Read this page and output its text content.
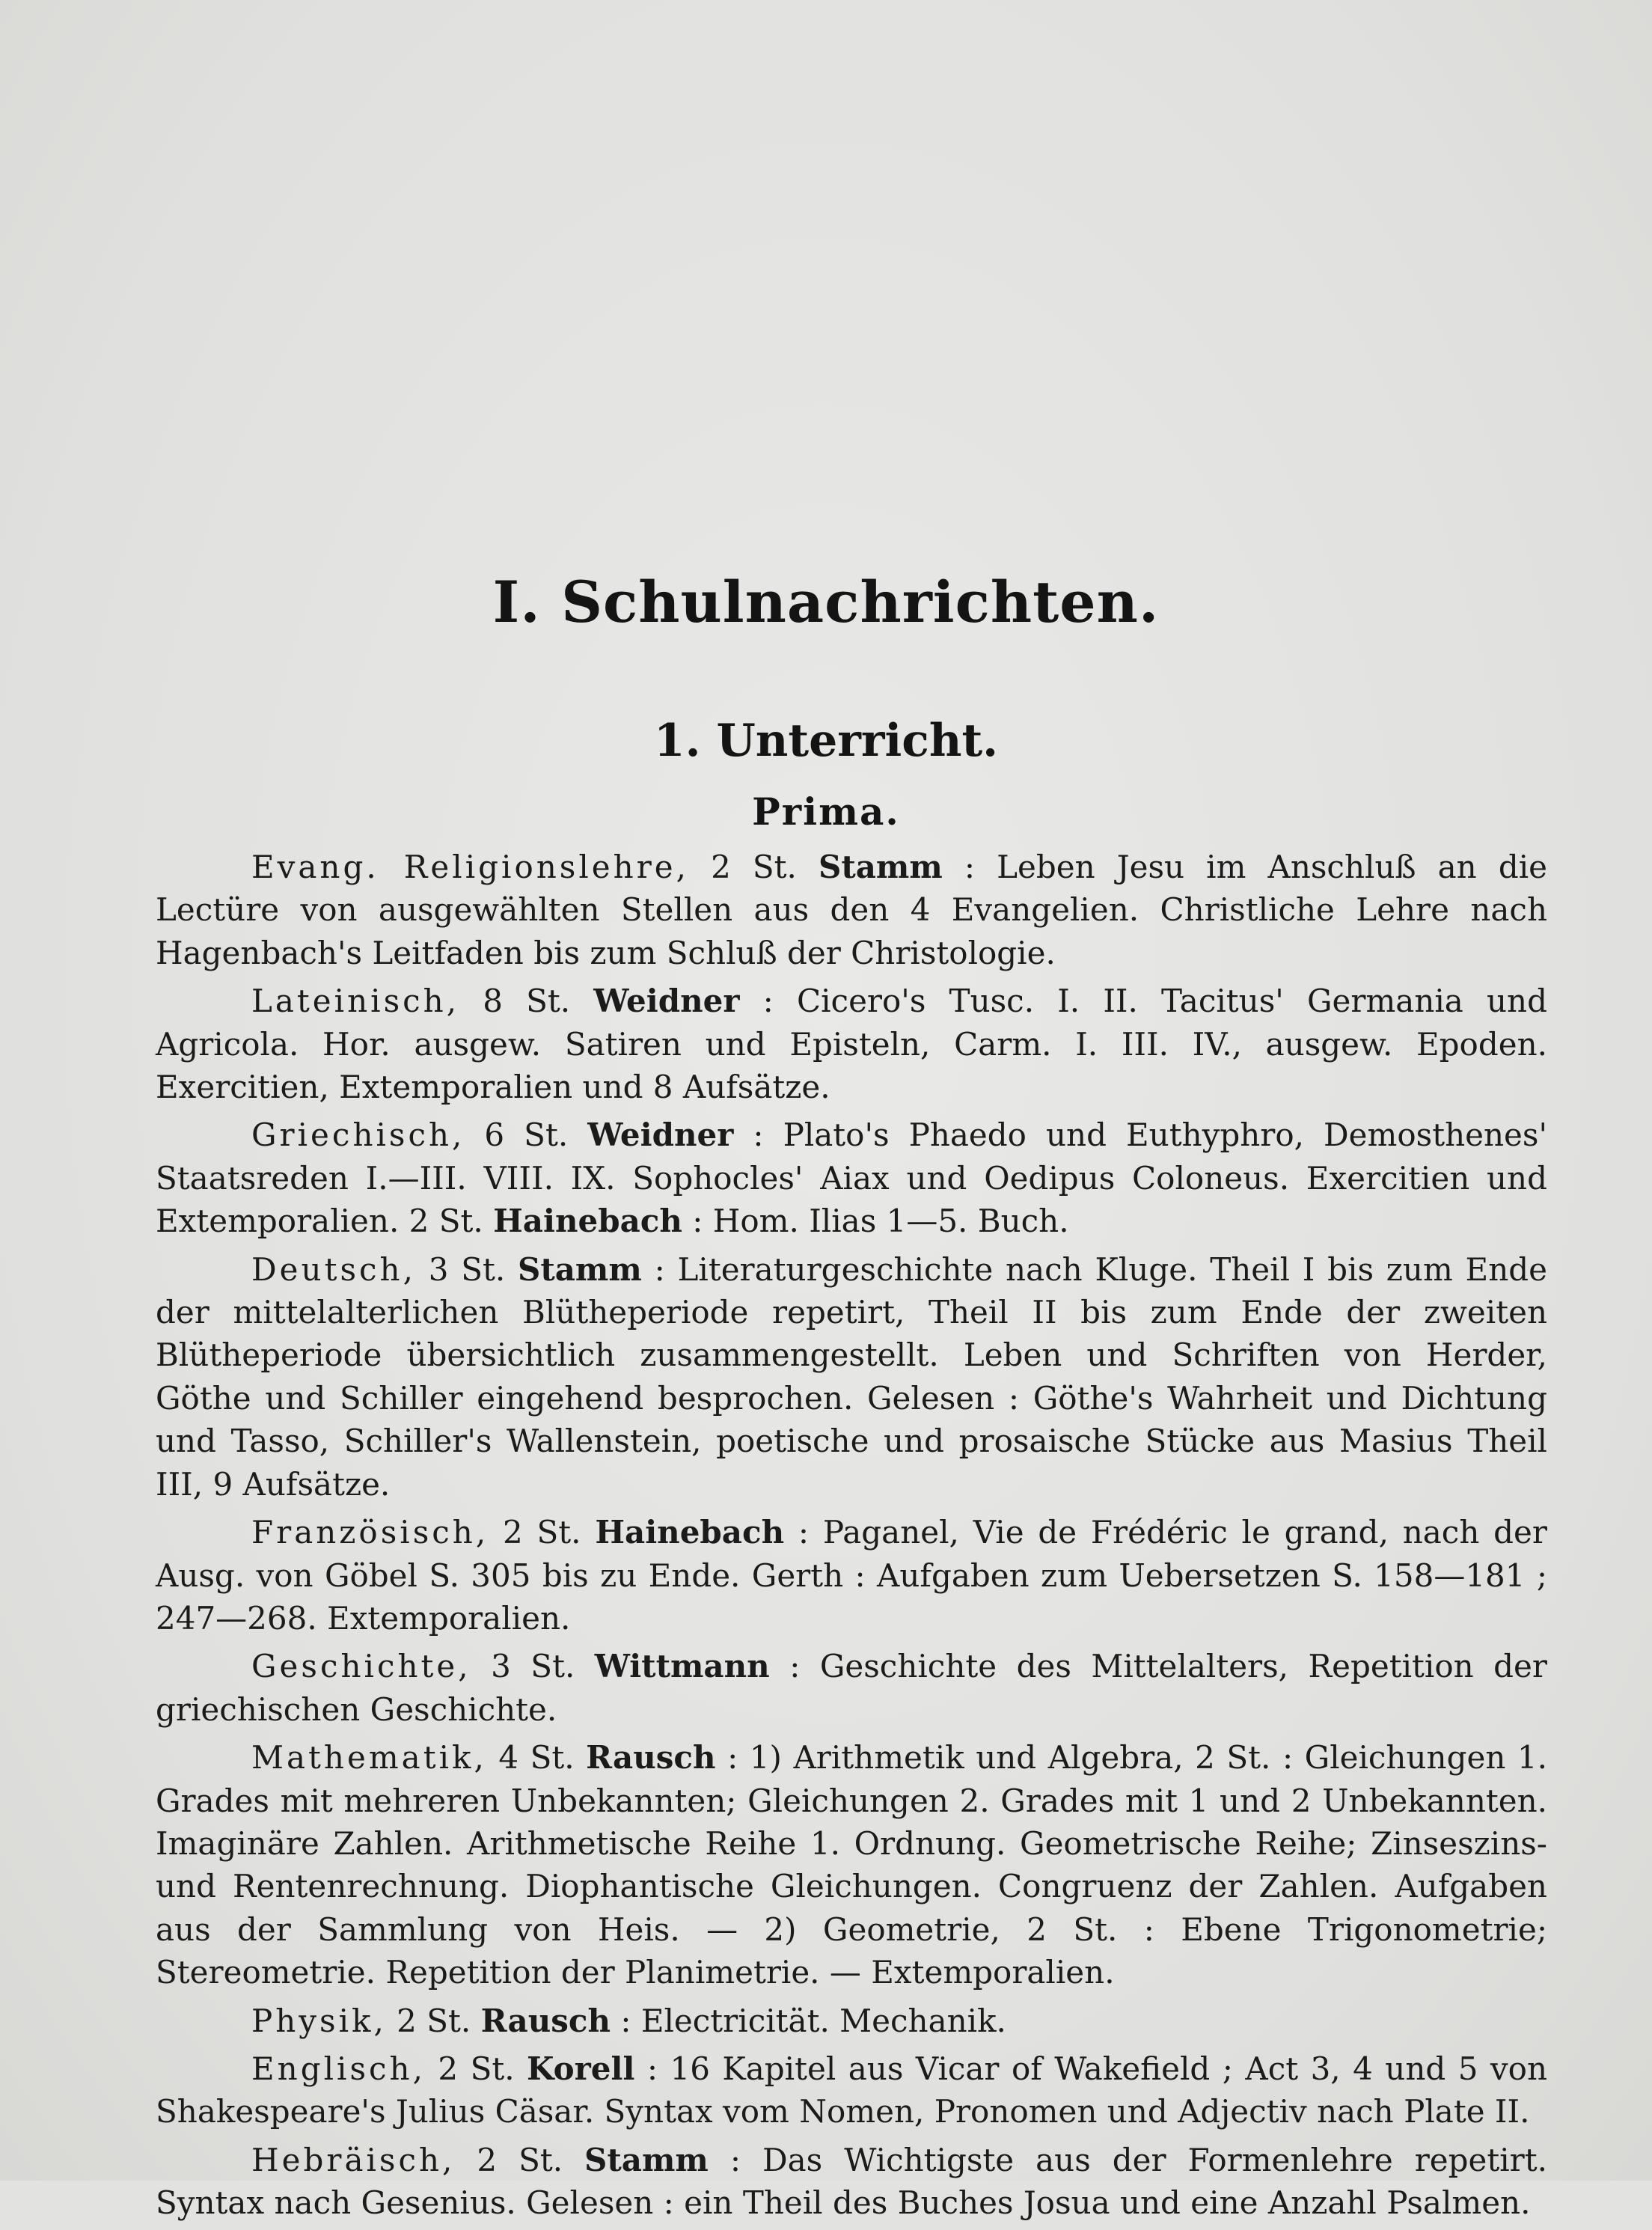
I. Schulnachrichten.
1. Unterricht.
Prima.

Evang. Religionslehre, 2 St. Stamm : Leben Jesu im Anschluß an die Lectüre von ausgewählten Stellen aus den 4 Evangelien. Christliche Lehre nach Hagenbach's Leitfaden bis zum Schluß der Christologie.

Lateinisch, 8 St. Weidner : Cicero's Tusc. I. II. Tacitus' Germania und Agricola. Hor. ausgew. Satiren und Episteln, Carm. I. III. IV., ausgew. Epoden. Exercitien, Extemporalien und 8 Aufsätze.

Griechisch, 6 St. Weidner : Plato's Phaedo und Euthyphro, Demosthenes' Staatsreden I.—III. VIII. IX. Sophocles' Aiax und Oedipus Coloneus. Exercitien und Extemporalien. 2 St. Hainebach : Hom. Ilias 1—5. Buch.

Deutsch, 3 St. Stamm : Literaturgeschichte nach Kluge. Theil I bis zum Ende der mittelalterlichen Blütheperiode repetirt, Theil II bis zum Ende der zweiten Blütheperiode übersichtlich zusammengestellt. Leben und Schriften von Herder, Göthe und Schiller eingehend besprochen. Gelesen : Göthe's Wahrheit und Dichtung und Tasso, Schiller's Wallenstein, poetische und prosaische Stücke aus Masius Theil III, 9 Aufsätze.

Französisch, 2 St. Hainebach : Paganel, Vie de Frédéric le grand, nach der Ausg. von Göbel S. 305 bis zu Ende. Gerth : Aufgaben zum Uebersetzen S. 158—181 ; 247—268. Extemporalien.

Geschichte, 3 St. Wittmann : Geschichte des Mittelalters, Repetition der griechischen Geschichte.

Mathematik, 4 St. Rausch : 1) Arithmetik und Algebra, 2 St. : Gleichungen 1. Grades mit mehreren Unbekannten; Gleichungen 2. Grades mit 1 und 2 Unbekannten. Imaginäre Zahlen. Arithmetische Reihe 1. Ordnung. Geometrische Reihe; Zinseszins- und Rentenrechnung. Diophantische Gleichungen. Congruenz der Zahlen. Aufgaben aus der Sammlung von Heis. — 2) Geometrie, 2 St. : Ebene Trigonometrie; Stereometrie. Repetition der Planimetrie. — Extemporalien.

Physik, 2 St. Rausch : Electricität. Mechanik.

Englisch, 2 St. Korell : 16 Kapitel aus Vicar of Wakefield ; Act 3, 4 und 5 von Shakespeare's Julius Cäsar. Syntax vom Nomen, Pronomen und Adjectiv nach Plate II.

Hebräisch, 2 St. Stamm : Das Wichtigste aus der Formenlehre repetirt. Syntax nach Gesenius. Gelesen : ein Theil des Buches Josua und eine Anzahl Psalmen.
